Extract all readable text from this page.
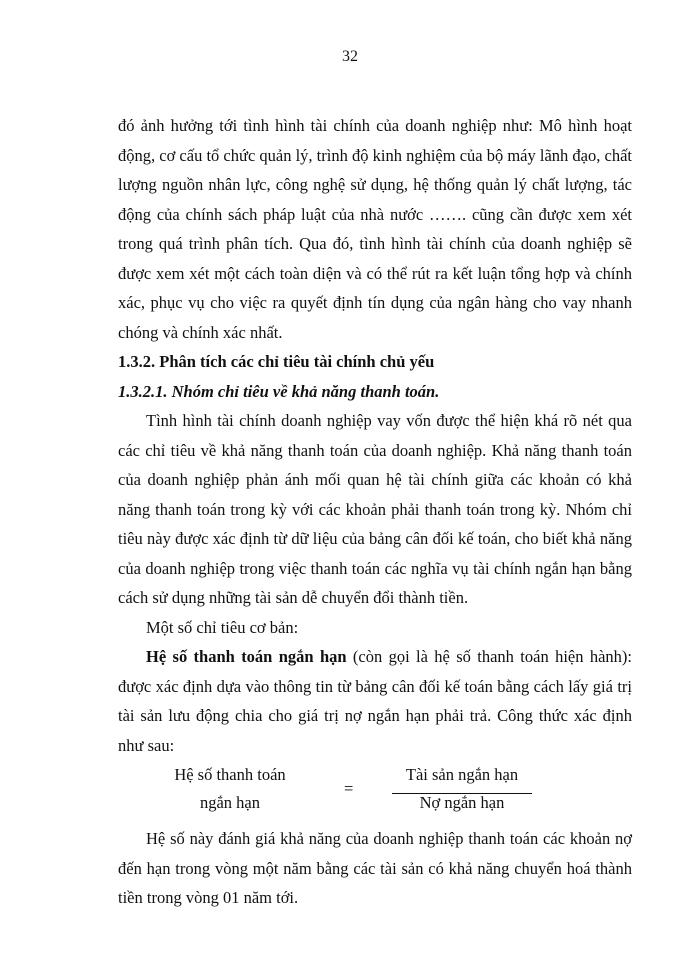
32

đó ảnh hưởng tới tình hình tài chính của doanh nghiệp như: Mô hình hoạt động, cơ cấu tổ chức quản lý, trình độ kinh nghiệm của bộ máy lãnh đạo, chất lượng nguồn nhân lực, công nghệ sử dụng, hệ thống quản lý chất lượng, tác động của chính sách pháp luật của nhà nước ……. cũng cần được xem xét trong quá trình phân tích. Qua đó, tình hình tài chính của doanh nghiệp sẽ được xem xét một cách toàn diện và có thể rút ra kết luận tổng hợp và chính xác, phục vụ cho việc ra quyết định tín dụng của ngân hàng cho vay nhanh chóng và chính xác nhất.

1.3.2. Phân tích các chỉ tiêu tài chính chủ yếu

1.3.2.1. Nhóm chỉ tiêu về khả năng thanh toán.

Tình hình tài chính doanh nghiệp vay vốn được thể hiện khá rõ nét qua các chỉ tiêu về khả năng thanh toán của doanh nghiệp. Khả năng thanh toán của doanh nghiệp phản ánh mối quan hệ tài chính giữa các khoản có khả năng thanh toán trong kỳ với các khoản phải thanh toán trong kỳ. Nhóm chỉ tiêu này được xác định từ dữ liệu của bảng cân đối kế toán, cho biết khả năng của doanh nghiệp trong việc thanh toán các nghĩa vụ tài chính ngắn hạn bằng cách sử dụng những tài sản dễ chuyển đổi thành tiền.

Một số chỉ tiêu cơ bản:

Hệ số thanh toán ngắn hạn (còn gọi là hệ số thanh toán hiện hành): được xác định dựa vào thông tin từ bảng cân đối kế toán bằng cách lấy giá trị tài sản lưu động chia cho giá trị nợ ngắn hạn phải trả. Công thức xác định như sau:

Hệ số thanh toán
ngắn hạn
=
Tài sản ngắn hạn
Nợ ngắn hạn

Hệ số này đánh giá khả năng của doanh nghiệp thanh toán các khoản nợ đến hạn trong vòng một năm bằng các tài sản có khả năng chuyển hoá thành tiền trong vòng 01 năm tới.
